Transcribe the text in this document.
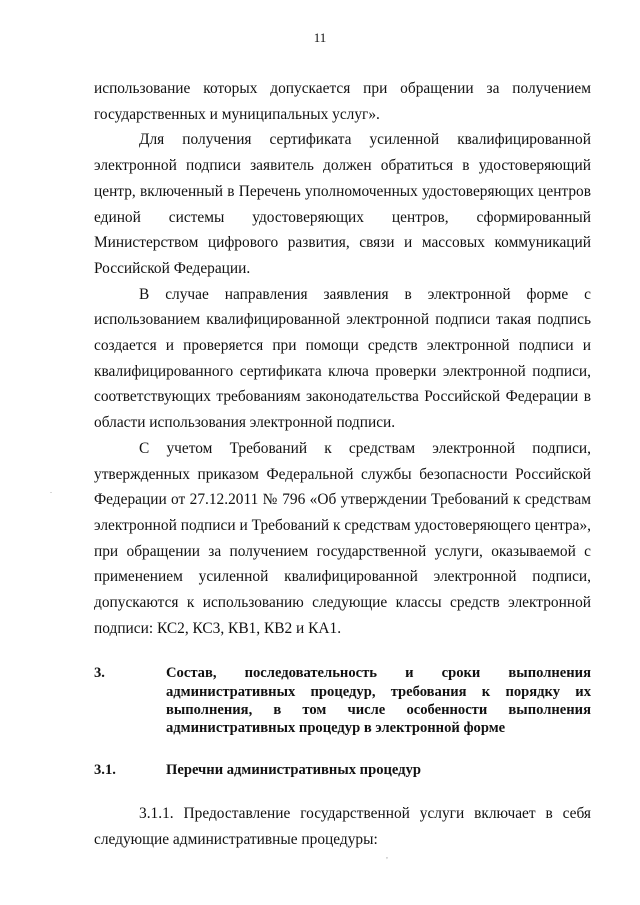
11
.
,

использование которых допускается при обращении за получением государственных и муниципальных услуг».

Для получения сертификата усиленной квалифицированной электронной подписи заявитель должен обратиться в удостоверяющий центр, включенный в Перечень уполномоченных удостоверяющих центров единой системы удостоверяющих центров, сформированный Министерством цифрового развития, связи и массовых коммуникаций Российской Федерации.

В случае направления заявления в электронной форме с использованием квалифицированной электронной подписи такая подпись создается и проверяется при помощи средств электронной подписи и квалифицированного сертификата ключа проверки электронной подписи, соответствующих требованиям законодательства Российской Федерации в области использования электронной подписи.

С учетом Требований к средствам электронной подписи, утвержденных приказом Федеральной службы безопасности Российской Федерации от 27.12.2011 № 796 «Об утверждении Требований к средствам электронной подписи и Требований к средствам удостоверяющего центра», при обращении за получением государственной услуги, оказываемой с применением усиленной квалифицированной электронной подписи, допускаются к использованию следующие классы средств электронной подписи: КС2, КС3, КВ1, КВ2 и КА1.

3.	Состав, последовательность и сроки выполнения административных процедур, требования к порядку их выполнения, в том числе особенности выполнения административных процедур в электронной форме
3.1.	Перечни административных процедур

3.1.1. Предоставление государственной услуги включает в себя следующие административные процедуры:
